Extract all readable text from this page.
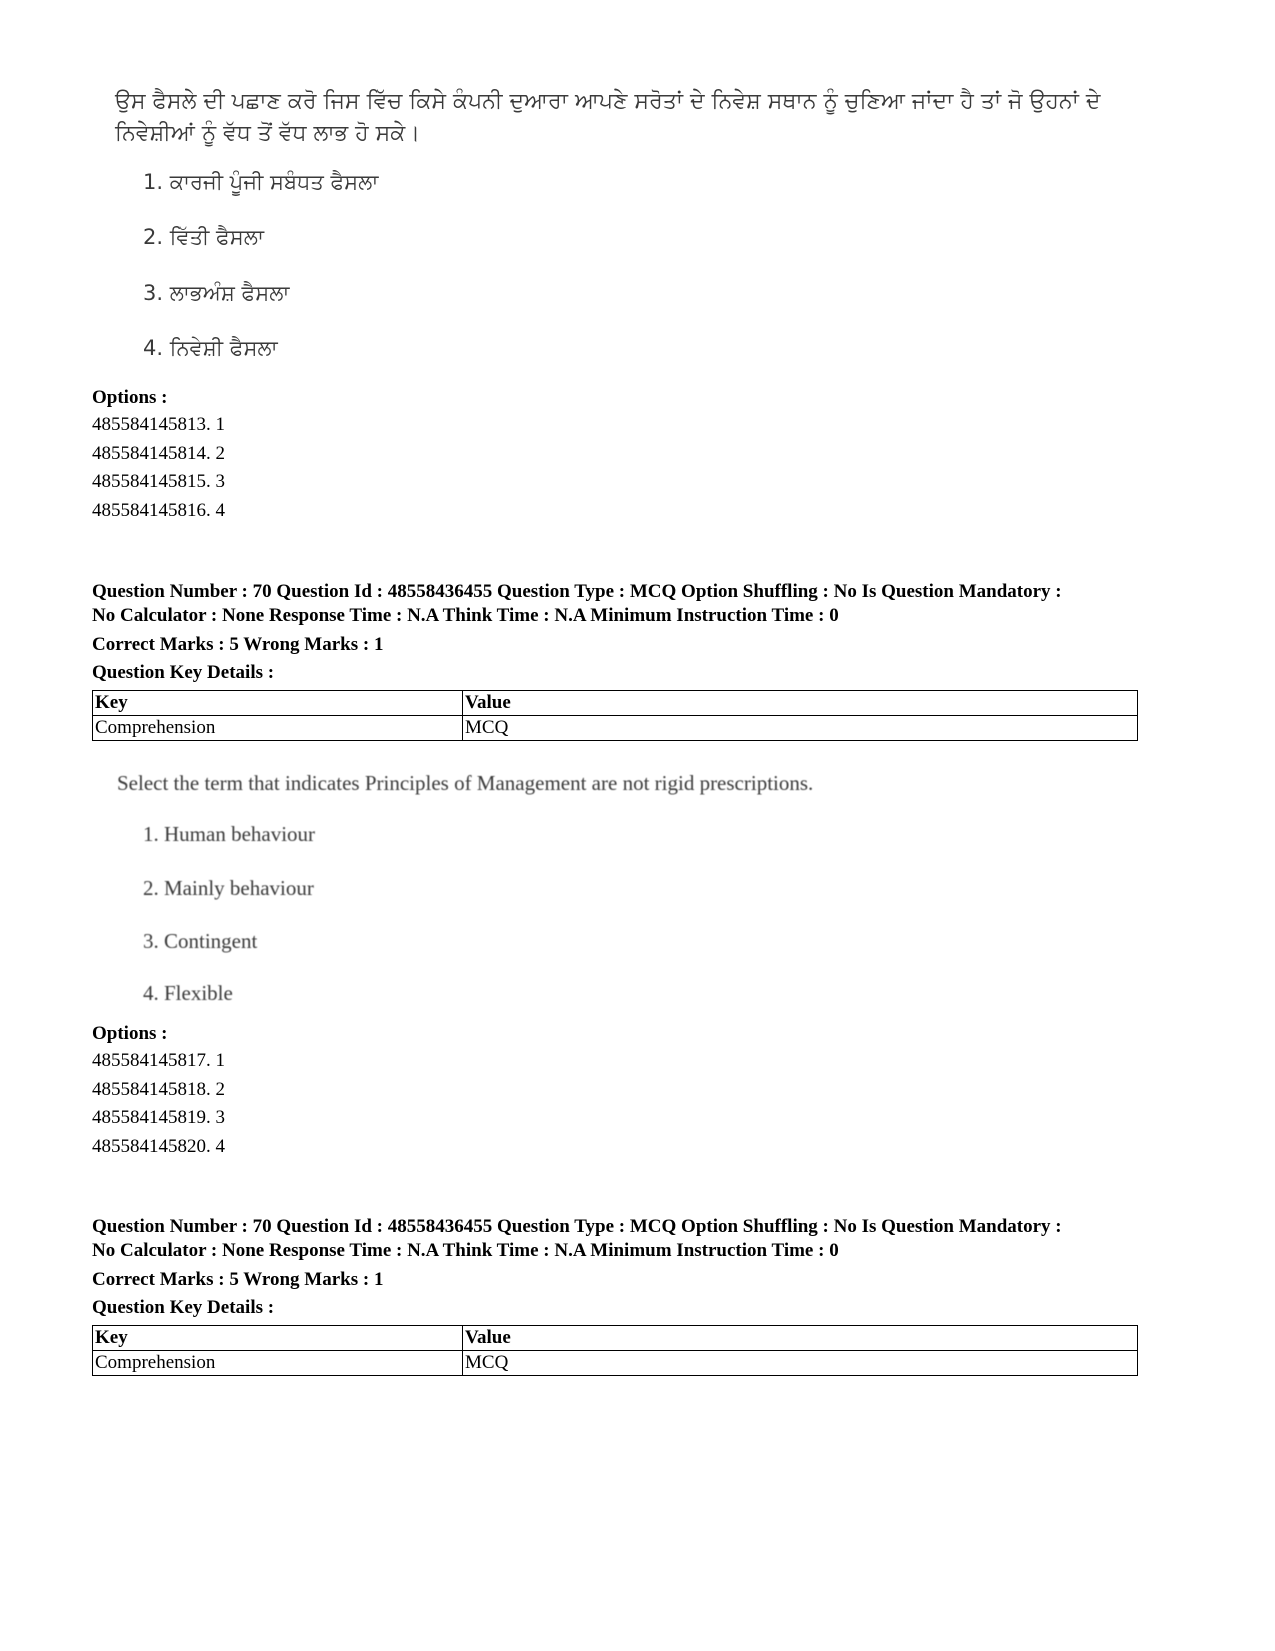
ਉਸ ਫੈਸਲੇ ਦੀ ਪਛਾਣ ਕਰੋ ਜਿਸ ਵਿੱਚ ਕਿਸੇ ਕੰਪਨੀ ਦੁਆਰਾ ਆਪਣੇ ਸਰੋਤਾਂ ਦੇ ਨਿਵੇਸ਼ ਸਥਾਨ ਨੂੰ ਚੁਣਿਆ ਜਾਂਦਾ ਹੈ ਤਾਂ ਜੋ ਉਹਨਾਂ ਦੇ ਨਿਵੇਸ਼ੀਆਂ ਨੂੰ ਵੱਧ ਤੋਂ ਵੱਧ ਲਾਭ ਹੋ ਸਕੇ।
1. ਕਾਰਜੀ ਪੂੰਜੀ ਸਬੰਧਤ ਫੈਸਲਾ
2. ਵਿੱਤੀ ਫੈਸਲਾ
3. ਲਾਭਅੰਸ਼ ਫੈਸਲਾ
4. ਨਿਵੇਸ਼ੀ ਫੈਸਲਾ
Options :
485584145813. 1
485584145814. 2
485584145815. 3
485584145816. 4
Question Number : 70 Question Id : 48558436455 Question Type : MCQ Option Shuffling : No Is Question Mandatory :
No Calculator : None Response Time : N.A Think Time : N.A Minimum Instruction Time : 0
Correct Marks : 5 Wrong Marks : 1
Question Key Details :
Key	Value
Comprehension	MCQ
Select the term that indicates Principles of Management are not rigid prescriptions.
1. Human behaviour
2. Mainly behaviour
3. Contingent
4. Flexible
Options :
485584145817. 1
485584145818. 2
485584145819. 3
485584145820. 4
Question Number : 70 Question Id : 48558436455 Question Type : MCQ Option Shuffling : No Is Question Mandatory :
No Calculator : None Response Time : N.A Think Time : N.A Minimum Instruction Time : 0
Correct Marks : 5 Wrong Marks : 1
Question Key Details :
Key	Value
Comprehension	MCQ
